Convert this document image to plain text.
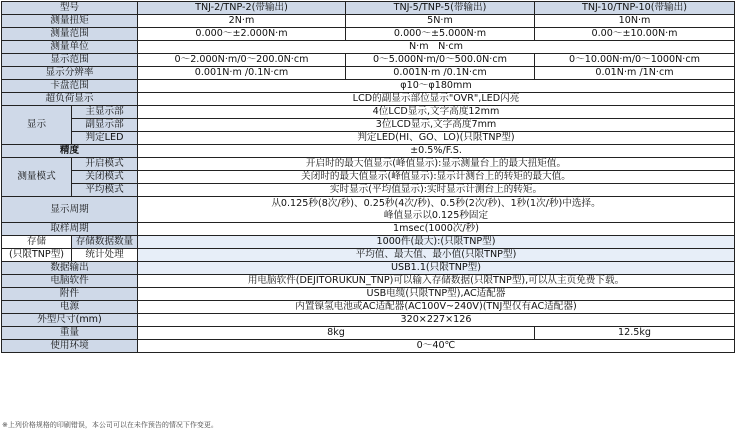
型号		TNJ-2/TNP-2(带输出)	TNJ-5/TNP-5(带输出)	TNJ-10/TNP-10(带输出)
测量扭矩		2N·m	5N·m	10N·m
测量范围		0.000～±2.000N·m	0.000～±5.000N·m	0.00～±10.00N·m
测量单位		N·m　N·cm		
显示范围		0～2.000N·m/0～200.0N·cm	0～5.000N·m/0～500.0N·cm	0～10.00N·m/0～1000N·cm
显示分辨率		0.001N·m /0.1N·cm	0.001N·m /0.1N·cm	0.01N·m /1N·cm
卡盘范围		φ10～φ180mm		
超负荷显示		LCD的副显示部位显示"OVR",LED闪亮		
显示	主显示部	4位LCD显示,文字高度12mm		
	副显示部	3位LCD显示,文字高度7mm		
	判定LED	判定LED(HI、GO、LO)(只限TNP型)		
精度		±0.5%/F.S.		
测量模式	开启模式	开启时的最大值显示(峰值显示):显示测量台上的最大扭矩值。		
	关闭模式	关闭时的最大值显示(峰值显示):显示计测台上的转矩的最大值。		
	平均模式	实时显示(平均值显示):实时显示计测台上的转矩。		
显示周期		从0.125秒(8次/秒)、0.25秒(4次/秒)、0.5秒(2次/秒)、1秒(1次/秒)中选择。
峰值显示以0.125秒固定		

取样周期		1msec(1000次/秒)		
存储	存储数据数量	1000件(最大):(只限TNP型)		
(只限TNP型)	统计处理	平均值、最大值、最小值(只限TNP型)		
数据输出		USB1.1(只限TNP型)		
电脑软件		用电脑软件(DEJITORUKUN_TNP)可以输入存储数据(只限TNP型),可以从主页免费下载。		
附件		USB电缆(只限TNP型),AC适配器		
电源		内置镍氢电池或AC适配器(AC100V~240V)(TNJ型仅有AC适配器)		
外型尺寸(mm)		320×227×126		
重量		8kg		12.5kg
使用环境		0～40℃		
※上列价格规格的印刷错误，本公司可以在未作预告的情况下作变更。
